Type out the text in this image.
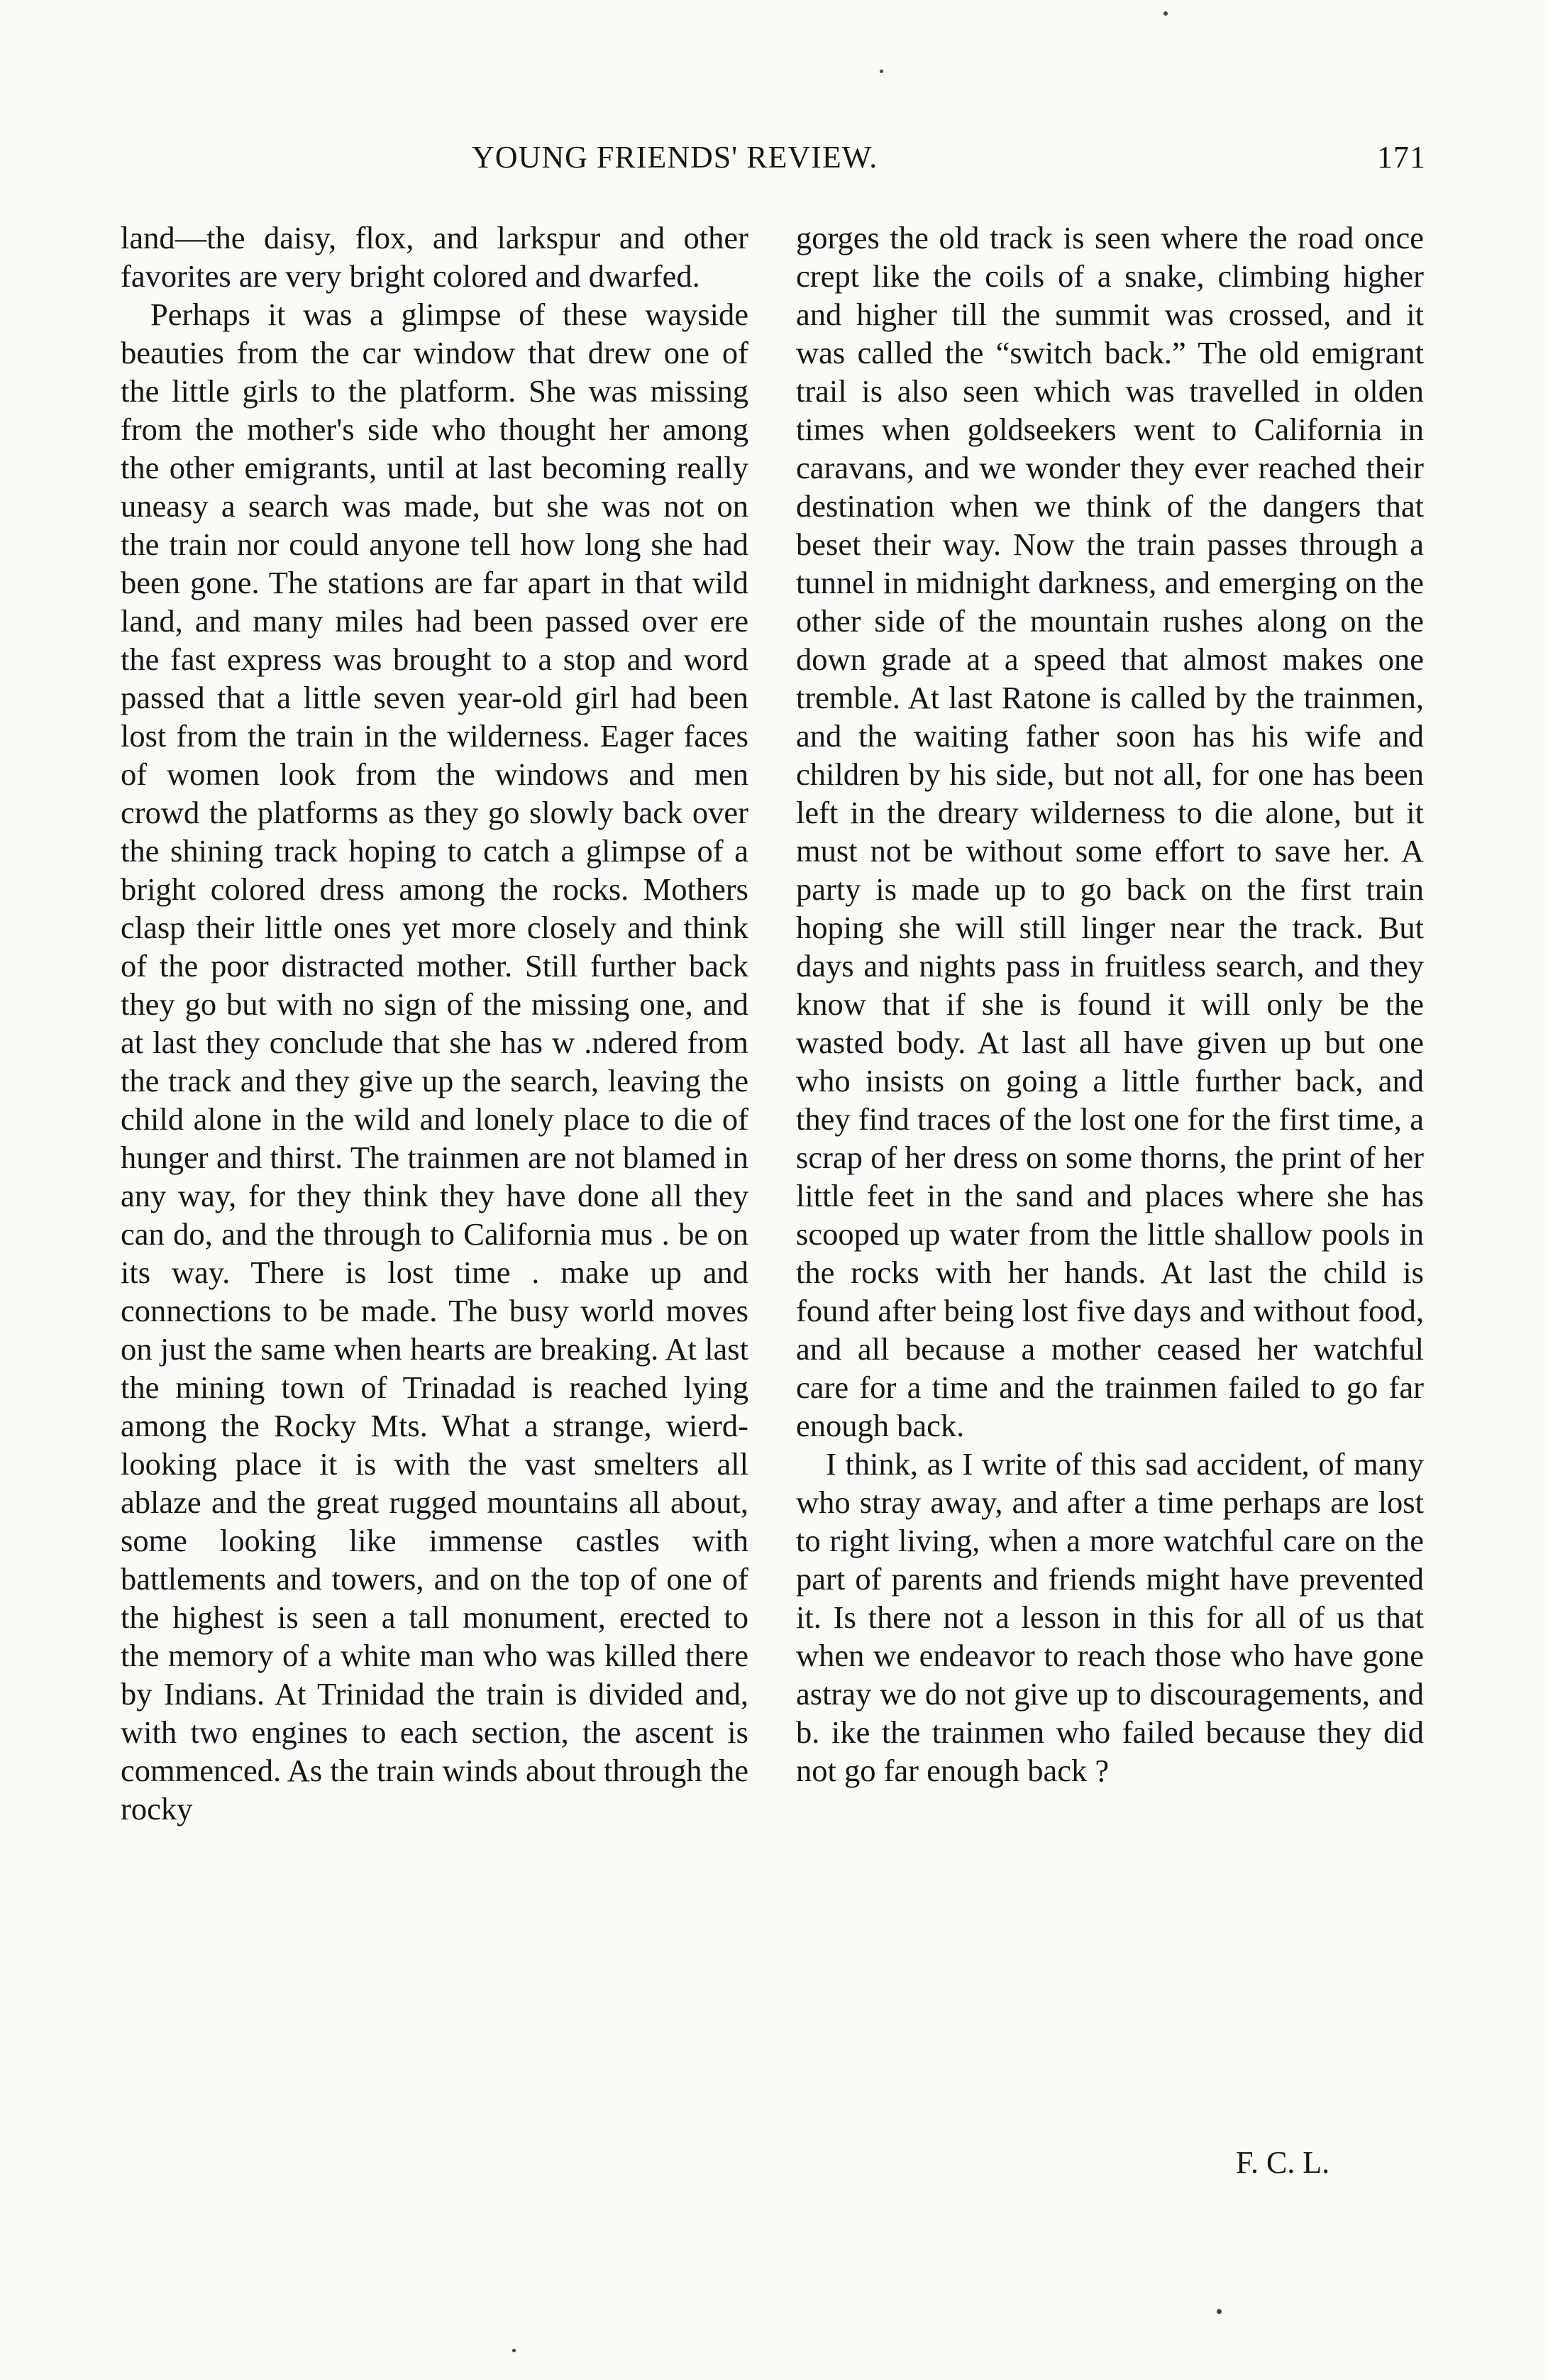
YOUNG FRIENDS' REVIEW.	171

land—the daisy, flox, and larkspur and other favorites are very bright colored and dwarfed.

Perhaps it was a glimpse of these wayside beauties from the car window that drew one of the little girls to the platform. She was missing from the mother's side who thought her among the other emigrants, until at last becoming really uneasy a search was made, but she was not on the train nor could anyone tell how long she had been gone. The stations are far apart in that wild land, and many miles had been passed over ere the fast express was brought to a stop and word passed that a little seven year-old girl had been lost from the train in the wilderness. Eager faces of women look from the windows and men crowd the platforms as they go slowly back over the shining track hoping to catch a glimpse of a bright colored dress among the rocks. Mothers clasp their little ones yet more closely and think of the poor distracted mother. Still further back they go but with no sign of the missing one, and at last they conclude that she has w .ndered from the track and they give up the search, leaving the child alone in the wild and lonely place to die of hunger and thirst. The trainmen are not blamed in any way, for they think they have done all they can do, and the through to California mus . be on its way. There is lost time . make up and connections to be made. The busy world moves on just the same when hearts are breaking. At last the mining town of Trinadad is reached lying among the Rocky Mts. What a strange, wierd-looking place it is with the vast smelters all ablaze and the great rugged mountains all about, some looking like immense castles with battlements and towers, and on the top of one of the highest is seen a tall monument, erected to the memory of a white man who was killed there by Indians. At Trinidad the train is divided and, with two engines to each section, the ascent is commenced. As the train winds about through the rocky

gorges the old track is seen where the road once crept like the coils of a snake, climbing higher and higher till the summit was crossed, and it was called the “switch back.” The old emigrant trail is also seen which was travelled in olden times when goldseekers went to California in caravans, and we wonder they ever reached their destination when we think of the dangers that beset their way. Now the train passes through a tunnel in midnight darkness, and emerging on the other side of the mountain rushes along on the down grade at a speed that almost makes one tremble. At last Ratone is called by the trainmen, and the waiting father soon has his wife and children by his side, but not all, for one has been left in the dreary wilderness to die alone, but it must not be without some effort to save her. A party is made up to go back on the first train hoping she will still linger near the track. But days and nights pass in fruitless search, and they know that if she is found it will only be the wasted body. At last all have given up but one who insists on going a little further back, and they find traces of the lost one for the first time, a scrap of her dress on some thorns, the print of her little feet in the sand and places where she has scooped up water from the little shallow pools in the rocks with her hands. At last the child is found after being lost five days and without food, and all because a mother ceased her watchful care for a time and the trainmen failed to go far enough back.

I think, as I write of this sad accident, of many who stray away, and after a time perhaps are lost to right living, when a more watchful care on the part of parents and friends might have prevented it. Is there not a lesson in this for all of us that when we endeavor to reach those who have gone astray we do not give up to discouragements, and b. ike the trainmen who failed because they did not go far enough back ?

F. C. L.
